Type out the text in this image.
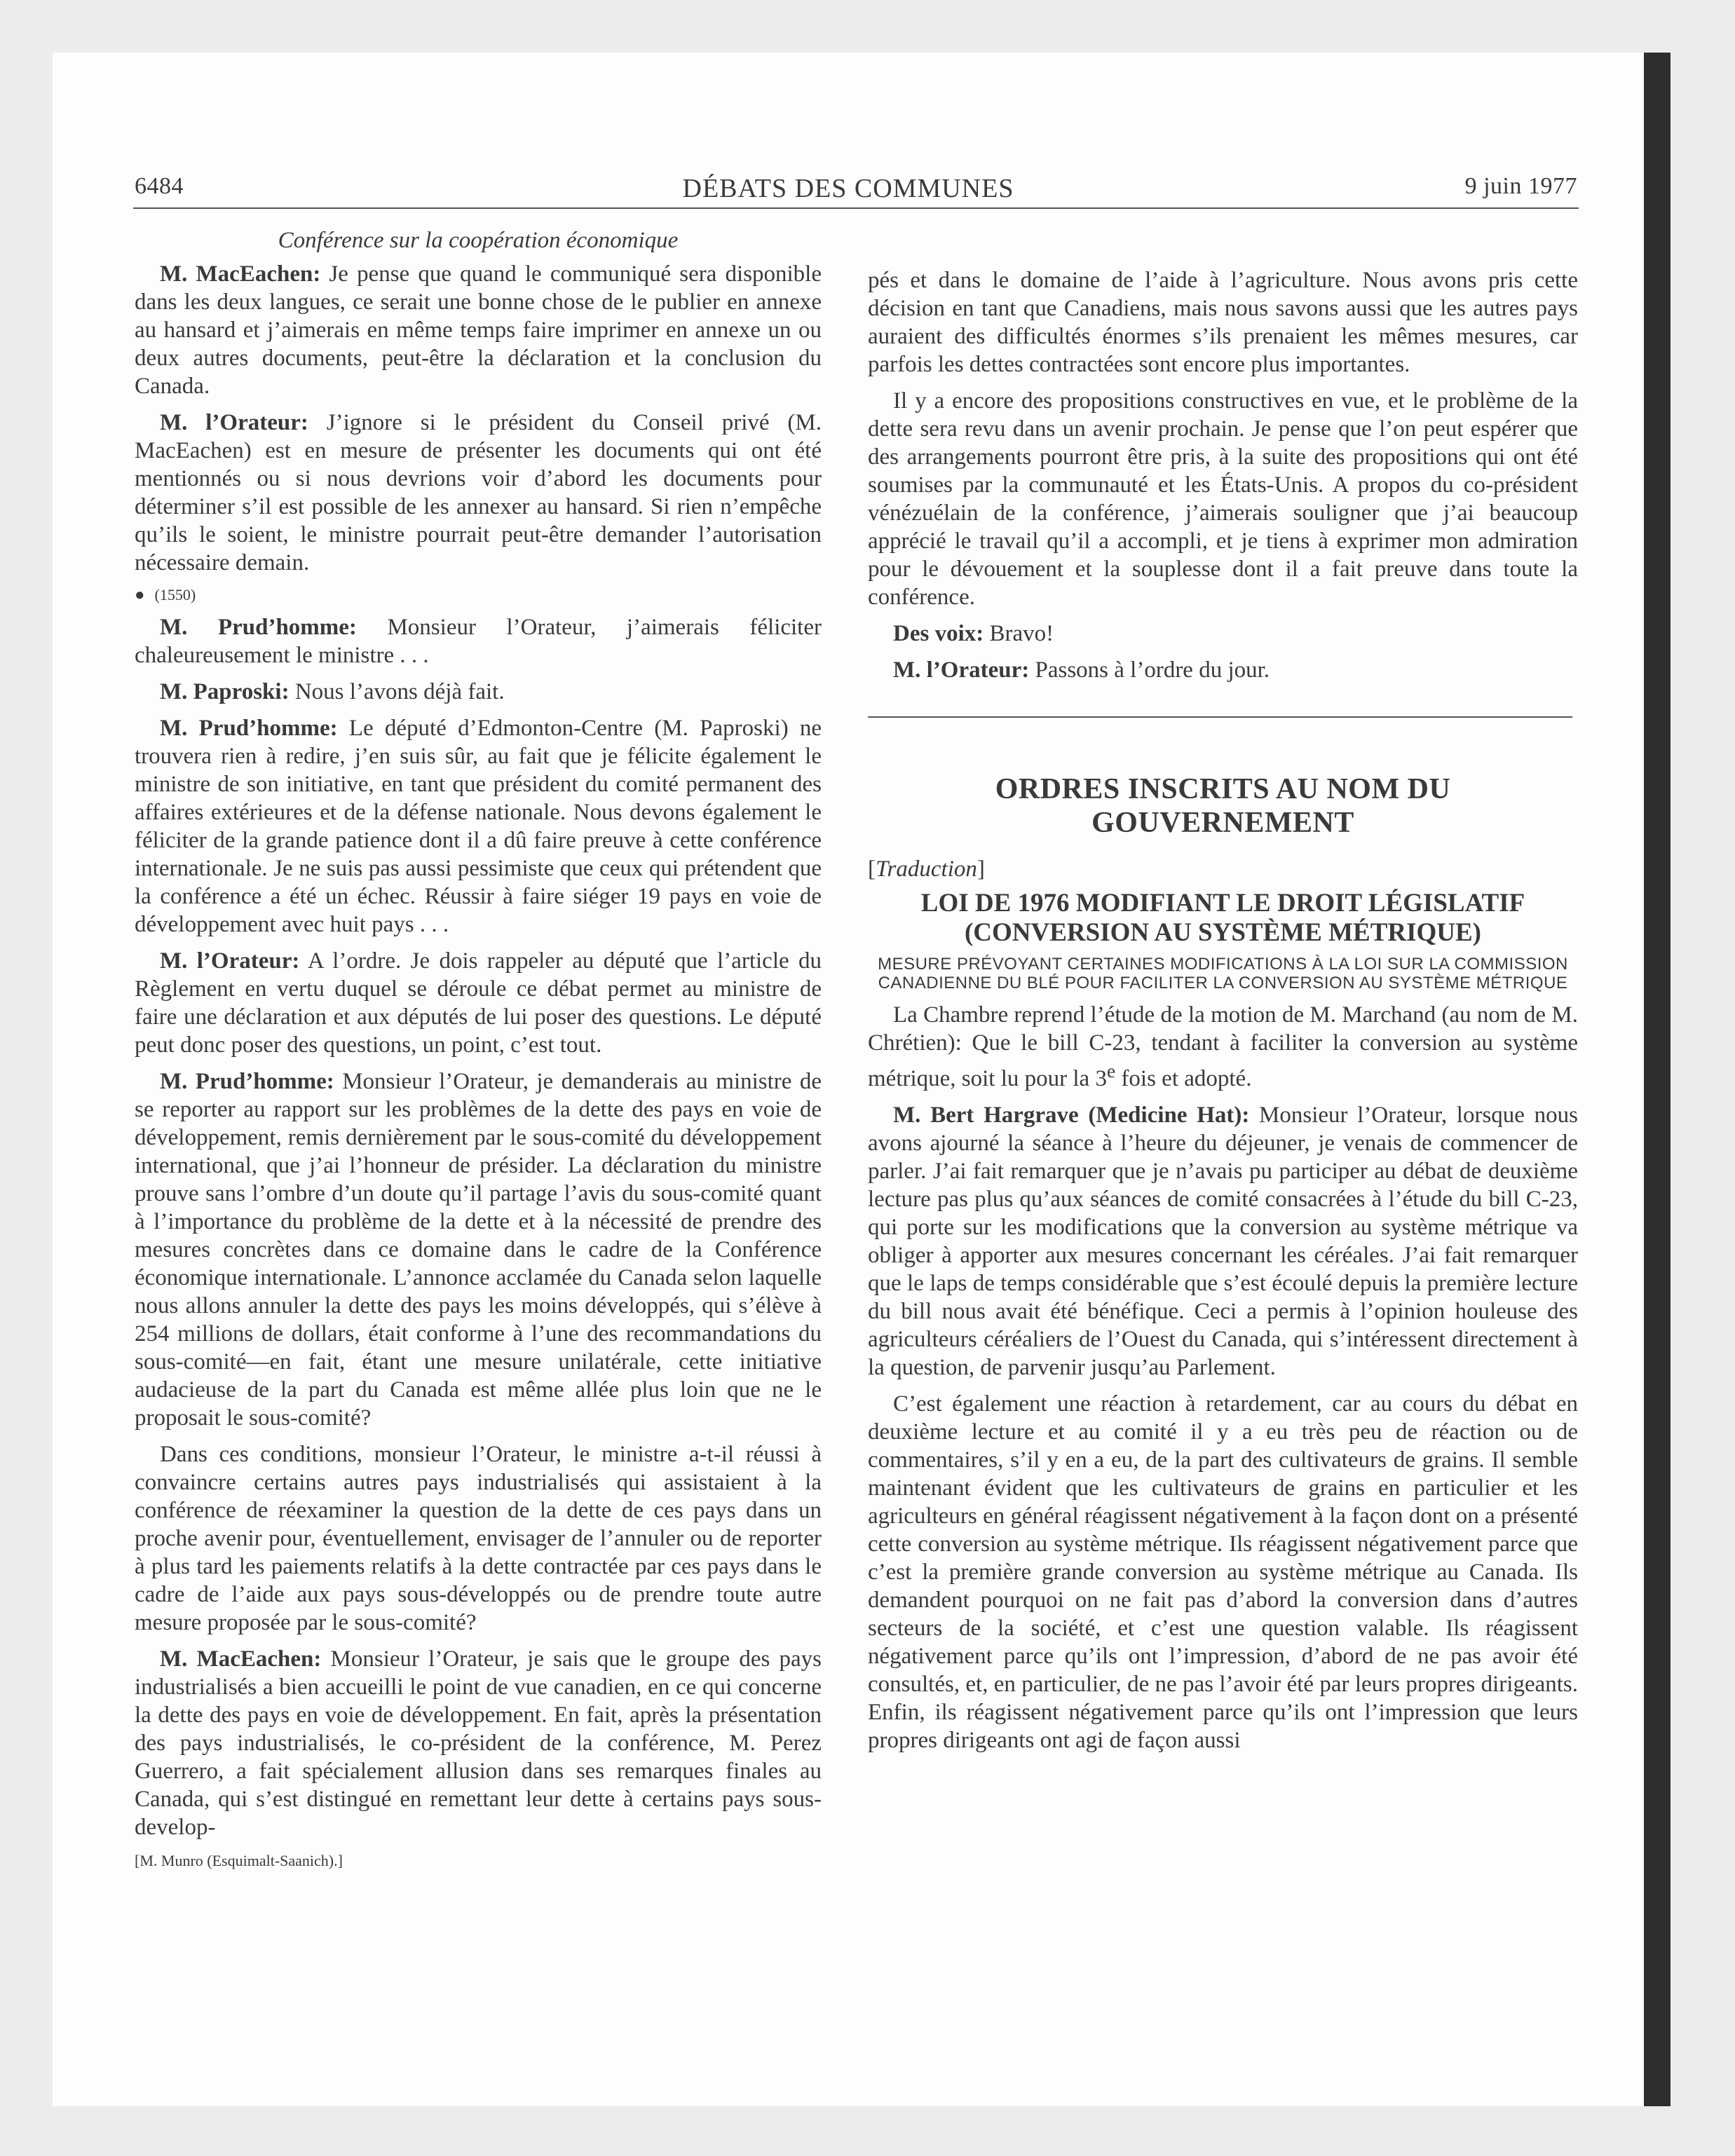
6484	DÉBATS DES COMMUNES	9 juin 1977
Conférence sur la coopération économique

M. MacEachen: Je pense que quand le communiqué sera disponible dans les deux langues, ce serait une bonne chose de le publier en annexe au hansard et j’aimerais en même temps faire imprimer en annexe un ou deux autres documents, peut-être la déclaration et la conclusion du Canada.

M. l’Orateur: J’ignore si le président du Conseil privé (M. MacEachen) est en mesure de présenter les documents qui ont été mentionnés ou si nous devrions voir d’abord les documents pour déterminer s’il est possible de les annexer au hansard. Si rien n’empêche qu’ils le soient, le ministre pourrait peut-être demander l’autorisation nécessaire demain.

● (1550)

M. Prud’homme: Monsieur l’Orateur, j’aimerais féliciter chaleureusement le ministre . . .

M. Paproski: Nous l’avons déjà fait.

M. Prud’homme: Le député d’Edmonton-Centre (M. Paproski) ne trouvera rien à redire, j’en suis sûr, au fait que je félicite également le ministre de son initiative, en tant que président du comité permanent des affaires extérieures et de la défense nationale. Nous devons également le féliciter de la grande patience dont il a dû faire preuve à cette conférence internationale. Je ne suis pas aussi pessimiste que ceux qui prétendent que la conférence a été un échec. Réussir à faire siéger 19 pays en voie de développement avec huit pays . . .

M. l’Orateur: A l’ordre. Je dois rappeler au député que l’article du Règlement en vertu duquel se déroule ce débat permet au ministre de faire une déclaration et aux députés de lui poser des questions. Le député peut donc poser des questions, un point, c’est tout.

M. Prud’homme: Monsieur l’Orateur, je demanderais au ministre de se reporter au rapport sur les problèmes de la dette des pays en voie de développement, remis dernièrement par le sous-comité du développement international, que j’ai l’honneur de présider. La déclaration du ministre prouve sans l’ombre d’un doute qu’il partage l’avis du sous-comité quant à l’importance du problème de la dette et à la nécessité de prendre des mesures concrètes dans ce domaine dans le cadre de la Conférence économique internationale. L’annonce acclamée du Canada selon laquelle nous allons annuler la dette des pays les moins développés, qui s’élève à 254 millions de dollars, était conforme à l’une des recommandations du sous-comité—en fait, étant une mesure unilatérale, cette initiative audacieuse de la part du Canada est même allée plus loin que ne le proposait le sous-comité?

Dans ces conditions, monsieur l’Orateur, le ministre a-t-il réussi à convaincre certains autres pays industrialisés qui assistaient à la conférence de réexaminer la question de la dette de ces pays dans un proche avenir pour, éventuellement, envisager de l’annuler ou de reporter à plus tard les paiements relatifs à la dette contractée par ces pays dans le cadre de l’aide aux pays sous-développés ou de prendre toute autre mesure proposée par le sous-comité?

M. MacEachen: Monsieur l’Orateur, je sais que le groupe des pays industrialisés a bien accueilli le point de vue canadien, en ce qui concerne la dette des pays en voie de développement. En fait, après la présentation des pays industrialisés, le co-président de la conférence, M. Perez Guerrero, a fait spécialement allusion dans ses remarques finales au Canada, qui s’est distingué en remettant leur dette à certains pays sous-develop-

[M. Munro (Esquimalt-Saanich).]

pés et dans le domaine de l’aide à l’agriculture. Nous avons pris cette décision en tant que Canadiens, mais nous savons aussi que les autres pays auraient des difficultés énormes s’ils prenaient les mêmes mesures, car parfois les dettes contractées sont encore plus importantes.

Il y a encore des propositions constructives en vue, et le problème de la dette sera revu dans un avenir prochain. Je pense que l’on peut espérer que des arrangements pourront être pris, à la suite des propositions qui ont été soumises par la communauté et les États-Unis. A propos du co-président vénézuélain de la conférence, j’aimerais souligner que j’ai beaucoup apprécié le travail qu’il a accompli, et je tiens à exprimer mon admiration pour le dévouement et la souplesse dont il a fait preuve dans toute la conférence.

Des voix: Bravo!

M. l’Orateur: Passons à l’ordre du jour.

ORDRES INSCRITS AU NOM DU GOUVERNEMENT
[Traduction]
LOI DE 1976 MODIFIANT LE DROIT LÉGISLATIF (CONVERSION AU SYSTÈME MÉTRIQUE)
MESURE PRÉVOYANT CERTAINES MODIFICATIONS À LA LOI SUR LA COMMISSION CANADIENNE DU BLÉ POUR FACILITER LA CONVERSION AU SYSTÈME MÉTRIQUE

La Chambre reprend l’étude de la motion de M. Marchand (au nom de M. Chrétien): Que le bill C-23, tendant à faciliter la conversion au système métrique, soit lu pour la 3e fois et adopté.

M. Bert Hargrave (Medicine Hat): Monsieur l’Orateur, lorsque nous avons ajourné la séance à l’heure du déjeuner, je venais de commencer de parler. J’ai fait remarquer que je n’avais pu participer au débat de deuxième lecture pas plus qu’aux séances de comité consacrées à l’étude du bill C-23, qui porte sur les modifications que la conversion au système métrique va obliger à apporter aux mesures concernant les céréales. J’ai fait remarquer que le laps de temps considérable que s’est écoulé depuis la première lecture du bill nous avait été bénéfique. Ceci a permis à l’opinion houleuse des agriculteurs céréaliers de l’Ouest du Canada, qui s’intéressent directement à la question, de parvenir jusqu’au Parlement.

C’est également une réaction à retardement, car au cours du débat en deuxième lecture et au comité il y a eu très peu de réaction ou de commentaires, s’il y en a eu, de la part des cultivateurs de grains. Il semble maintenant évident que les cultivateurs de grains en particulier et les agriculteurs en général réagissent négativement à la façon dont on a présenté cette conversion au système métrique. Ils réagissent négativement parce que c’est la première grande conversion au système métrique au Canada. Ils demandent pourquoi on ne fait pas d’abord la conversion dans d’autres secteurs de la société, et c’est une question valable. Ils réagissent négativement parce qu’ils ont l’impression, d’abord de ne pas avoir été consultés, et, en particulier, de ne pas l’avoir été par leurs propres dirigeants. Enfin, ils réagissent négativement parce qu’ils ont l’impression que leurs propres dirigeants ont agi de façon aussi
